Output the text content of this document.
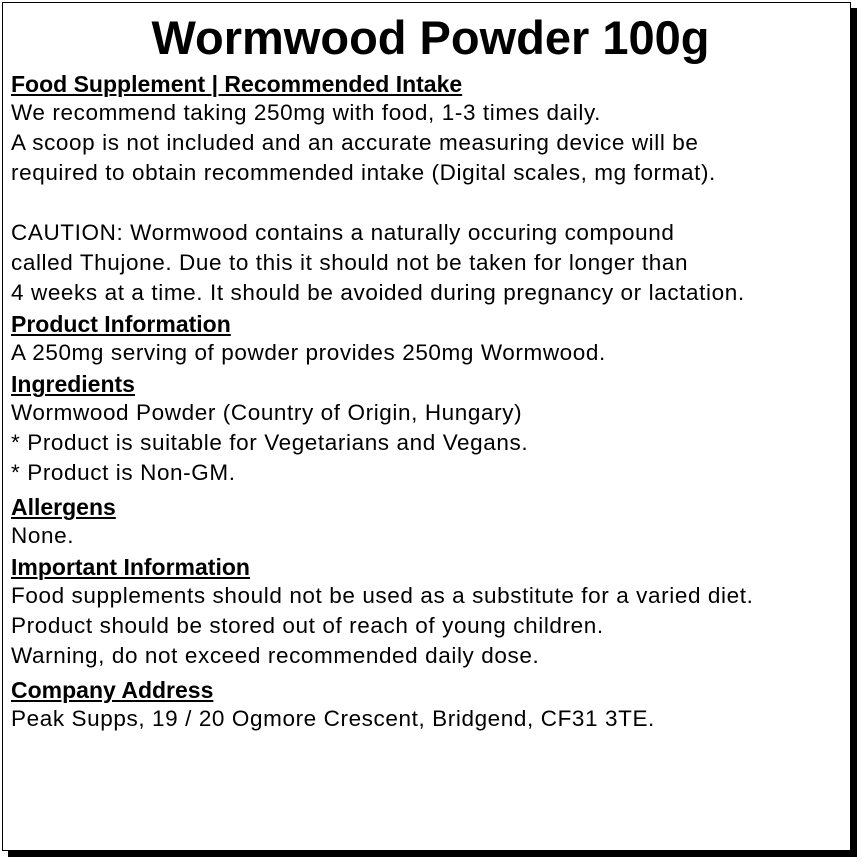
Wormwood Powder 100g

Food Supplement | Recommended Intake

We recommend taking 250mg with food, 1-3 times daily.

A scoop is not included and an accurate measuring device will be

required to obtain recommended intake (Digital scales, mg format).

CAUTION: Wormwood contains a naturally occuring compound

called Thujone. Due to this it should not be taken for longer than

4 weeks at a time. It should be avoided during pregnancy or lactation.

Product Information

A 250mg serving of powder provides 250mg Wormwood.

Ingredients

Wormwood Powder (Country of Origin, Hungary)

* Product is suitable for Vegetarians and Vegans.

* Product is Non-GM.

Allergens

None.

Important Information

Food supplements should not be used as a substitute for a varied diet.

Product should be stored out of reach of young children.

Warning, do not exceed recommended daily dose.

Company Address

Peak Supps, 19 / 20 Ogmore Crescent, Bridgend, CF31 3TE.
